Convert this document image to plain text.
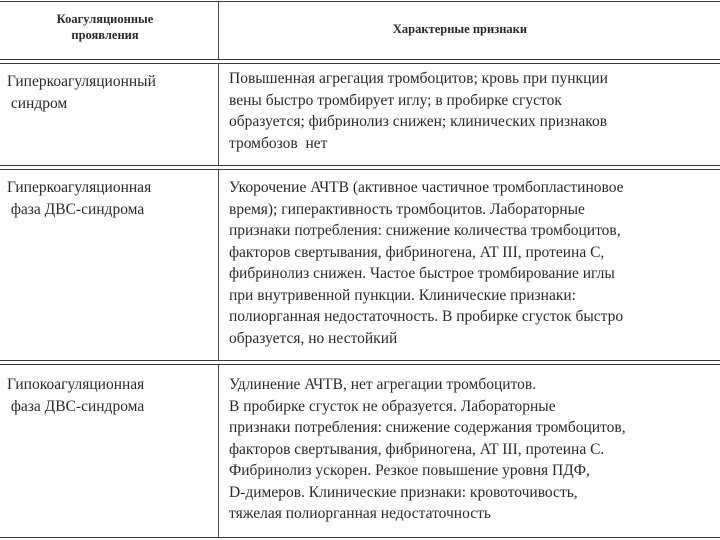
Коагуляционные
проявления	Характерные признаки
Гиперкоагуляционный
синдром
Повышенная агрегация тромбоцитов; кровь при пункции
вены быстро тромбирует иглу; в пробирке сгусток
образуется; фибринолиз снижен; клинических признаков
тромбозов  нет
Гиперкоагуляционная
фаза ДВС-синдрома
Укорочение АЧТВ (активное частичное тромбопластиновое
время); гиперактивность тромбоцитов. Лабораторные
признаки потребления: снижение количества тромбоцитов,
факторов свертывания, фибриногена, AT III, протеина C,
фибринолиз снижен. Частое быстрое тромбирование иглы
при внутривенной пункции. Клинические признаки:
полиорганная недостаточность. В пробирке сгусток быстро
образуется, но нестойкий
Гипокоагуляционная
фаза ДВС-синдрома
Удлинение АЧТВ, нет агрегации тромбоцитов.
В пробирке сгусток не образуется. Лабораторные
признаки потребления: снижение содержания тромбоцитов,
факторов свертывания, фибриногена, AT III, протеина C.
Фибринолиз ускорен. Резкое повышение уровня ПДФ,
D-димеров. Клинические признаки: кровоточивость,
тяжелая полиорганная недостаточность
